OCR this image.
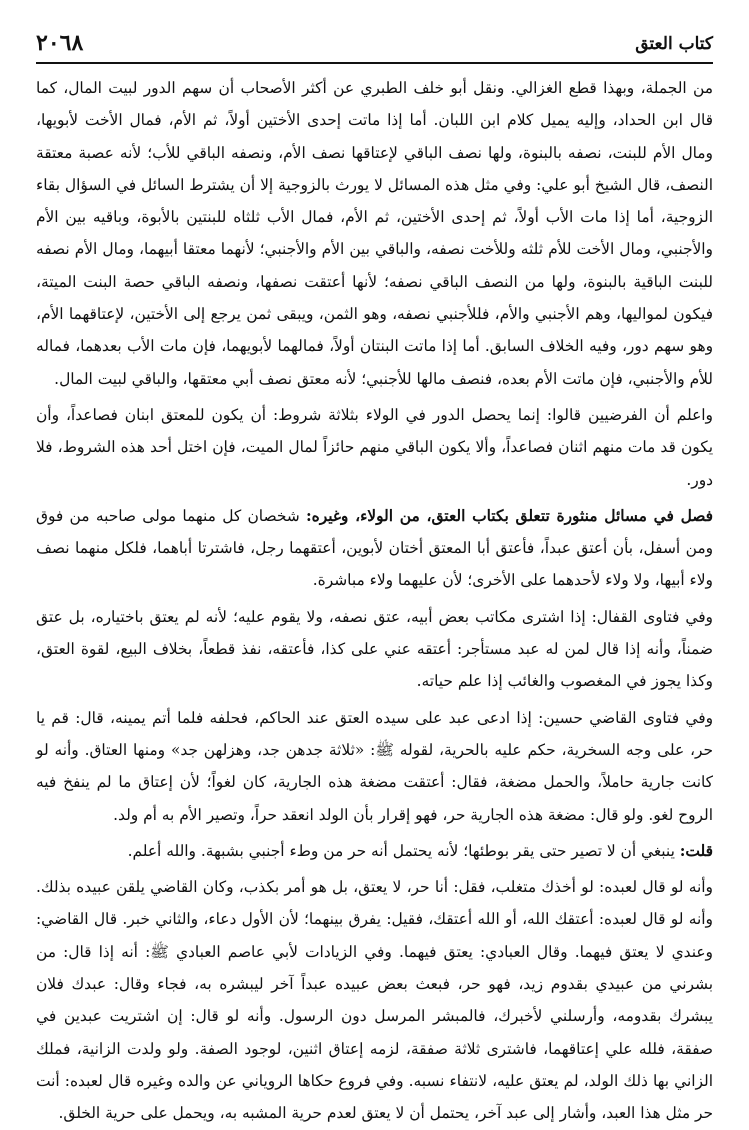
كتاب العتق
٢٠٦٨

من الجملة، وبهذا قطع الغزالي. ونقل أبو خلف الطبري عن أكثر الأصحاب أن سهم الدور لبيت المال، كما قال ابن الحداد، وإليه يميل كلام ابن اللبان. أما إذا ماتت إحدى الأختين أولاً، ثم الأم، فمال الأخت لأبويها، ومال الأم للبنت، نصفه بالبنوة، ولها نصف الباقي لإعتاقها نصف الأم، ونصفه الباقي للأب؛ لأنه عصبة معتقة النصف، قال الشيخ أبو علي: وفي مثل هذه المسائل لا يورث بالزوجية إلا أن يشترط السائل في السؤال بقاء الزوجية، أما إذا مات الأب أولاً، ثم إحدى الأختين، ثم الأم، فمال الأب ثلثاه للبنتين بالأبوة، وباقيه بين الأم والأجنبي، ومال الأخت للأم ثلثه وللأخت نصفه، والباقي بين الأم والأجنبي؛ لأنهما معتقا أبيهما، ومال الأم نصفه للبنت الباقية بالبنوة، ولها من النصف الباقي نصفه؛ لأنها أعتقت نصفها، ونصفه الباقي حصة البنت الميتة، فيكون لمواليها، وهم الأجنبي والأم، فللأجنبي نصفه، وهو الثمن، ويبقى ثمن يرجع إلى الأختين، لإعتاقهما الأم، وهو سهم دور، وفيه الخلاف السابق. أما إذا ماتت البنتان أولاً، فمالهما لأبويهما، فإن مات الأب بعدهما، فماله للأم والأجنبي، فإن ماتت الأم بعده، فنصف مالها للأجنبي؛ لأنه معتق نصف أبي معتقها، والباقي لبيت المال.

واعلم أن الفرضيين قالوا: إنما يحصل الدور في الولاء بثلاثة شروط: أن يكون للمعتق ابنان فصاعداً، وأن يكون قد مات منهم اثنان فصاعداً، وألا يكون الباقي منهم حائزاً لمال الميت، فإن اختل أحد هذه الشروط، فلا دور.

فصل في مسائل منثورة تتعلق بكتاب العتق، من الولاء، وغيره: شخصان كل منهما مولى صاحبه من فوق ومن أسفل، بأن أعتق عبداً، فأعتق أبا المعتق أختان لأبوين، أعتقهما رجل، فاشترتا أباهما، فلكل منهما نصف ولاء أبيها، ولا ولاء لأحدهما على الأخرى؛ لأن عليهما ولاء مباشرة.

وفي فتاوى القفال: إذا اشترى مكاتب بعض أبيه، عتق نصفه، ولا يقوم عليه؛ لأنه لم يعتق باختياره، بل عتق ضمناً، وأنه إذا قال لمن له عبد مستأجر: أعتقه عني على كذا، فأعتقه، نفذ قطعاً، بخلاف البيع، لقوة العتق، وكذا يجوز في المغصوب والغائب إذا علم حياته.

وفي فتاوى القاضي حسين: إذا ادعى عبد على سيده العتق عند الحاكم، فحلفه فلما أتم يمينه، قال: قم يا حر، على وجه السخرية، حكم عليه بالحرية، لقوله ﷺ: «ثلاثة جدهن جد، وهزلهن جد» ومنها العتاق. وأنه لو كانت جارية حاملاً، والحمل مضغة، فقال: أعتقت مضغة هذه الجارية، كان لغواً؛ لأن إعتاق ما لم ينفخ فيه الروح لغو. ولو قال: مضغة هذه الجارية حر، فهو إقرار بأن الولد انعقد حراً، وتصير الأم به أم ولد.

قلت: ينبغي أن لا تصير حتى يقر بوطئها؛ لأنه يحتمل أنه حر من وطء أجنبي بشبهة. والله أعلم.

وأنه لو قال لعبده: لو أخذك متغلب، فقل: أنا حر، لا يعتق، بل هو أمر بكذب، وكان القاضي يلقن عبيده بذلك. وأنه لو قال لعبده: أعتقك الله، أو الله أعتقك، فقيل: يفرق بينهما؛ لأن الأول دعاء، والثاني خبر. قال القاضي: وعندي لا يعتق فيهما. وقال العبادي: يعتق فيهما. وفي الزيادات لأبي عاصم العبادي ﷺ: أنه إذا قال: من بشرني من عبيدي بقدوم زيد، فهو حر، فبعث بعض عبيده عبداً آخر ليبشره به، فجاء وقال: عبدك فلان يبشرك بقدومه، وأرسلني لأخبرك، فالمبشر المرسل دون الرسول. وأنه لو قال: إن اشتريت عبدين في صفقة، فلله علي إعتاقهما، فاشترى ثلاثة صفقة، لزمه إعتاق اثنين، لوجود الصفة. ولو ولدت الزانية، فملك الزاني بها ذلك الولد، لم يعتق عليه، لانتفاء نسبه. وفي فروع حكاها الروياني عن والده وغيره قال لعبده: أنت حر مثل هذا العبد، وأشار إلى عبد آخر، يحتمل أن لا يعتق لعدم حرية المشبه به، ويحمل على حرية الخلق.
